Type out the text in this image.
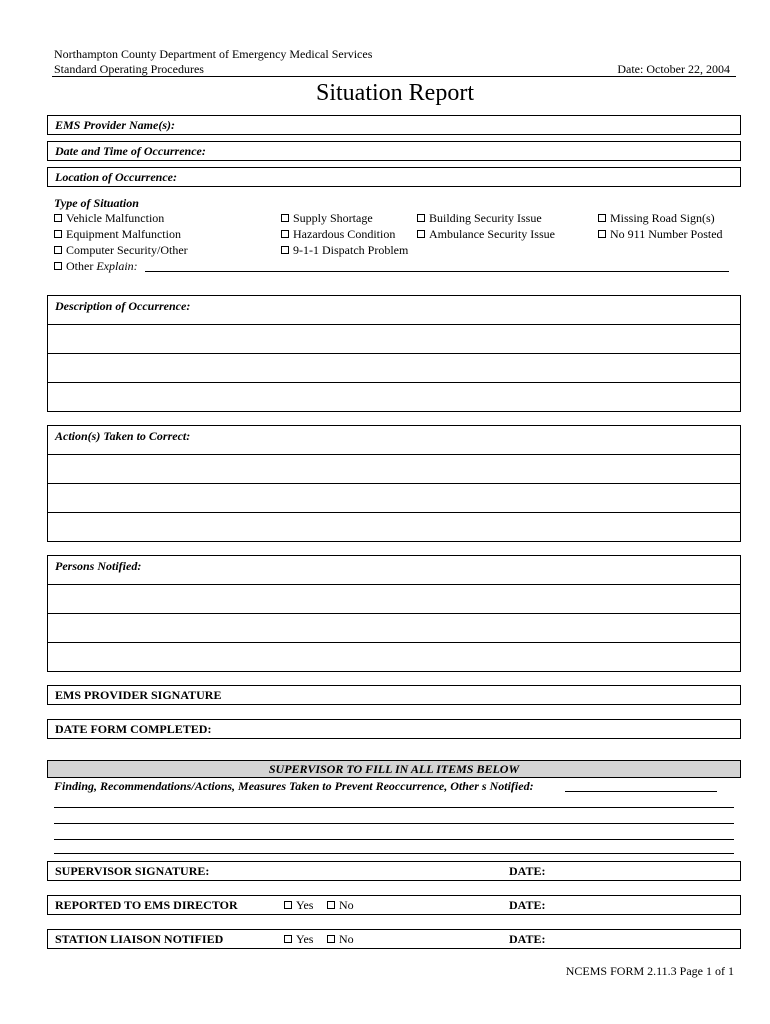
Northampton County Department of Emergency Medical Services
Standard Operating Procedures	Date: October 22, 2004
Situation Report
EMS Provider Name(s):
Date and Time of Occurrence:
Location of Occurrence:
Type of Situation
Vehicle Malfunction
Equipment Malfunction
Computer Security/Other
Supply Shortage
Hazardous Condition
9-1-1 Dispatch Problem
Building Security Issue
Ambulance Security Issue
Missing Road Sign(s)
No 911 Number Posted
Other Explain:
Description of Occurrence:
Action(s) Taken to Correct:
Persons Notified:
EMS PROVIDER SIGNATURE
DATE FORM COMPLETED:
SUPERVISOR TO FILL IN ALL ITEMS BELOW
Finding, Recommendations/Actions, Measures Taken to Prevent Reoccurrence, Other s Notified:
SUPERVISOR SIGNATURE:	DATE:
REPORTED TO EMS DIRECTOR	Yes	No	DATE:
STATION LIAISON NOTIFIED	Yes	No	DATE:
NCEMS FORM 2.11.3 Page 1 of 1
